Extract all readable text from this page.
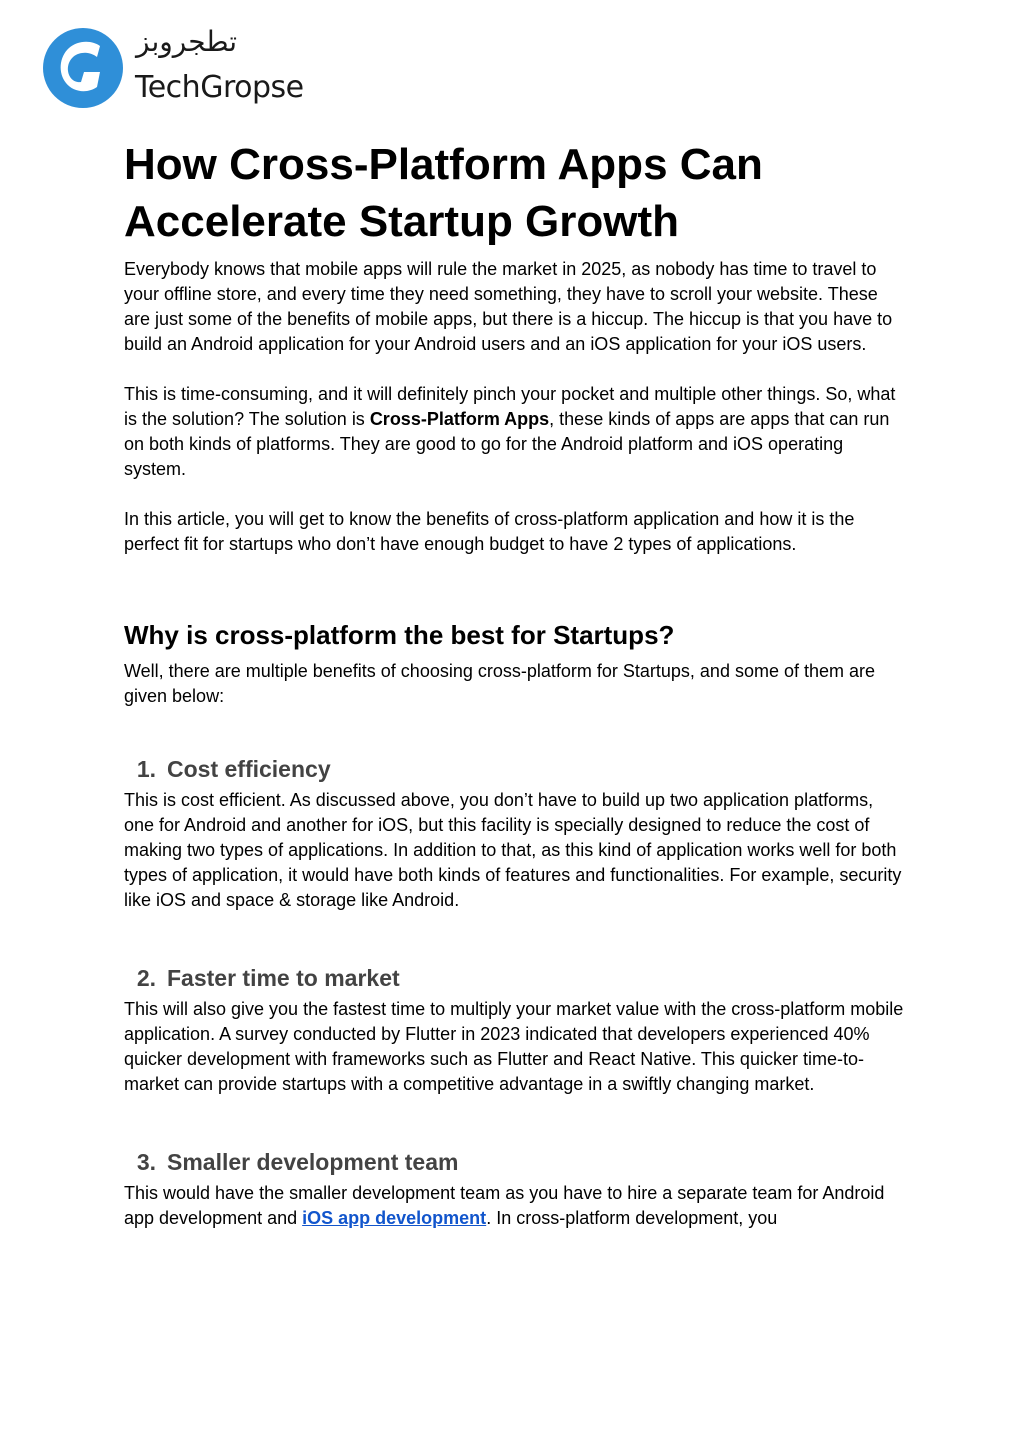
تطجروبز
TechGropse
How Cross-Platform Apps Can Accelerate Startup Growth

Everybody knows that mobile apps will rule the market in 2025, as nobody has time to travel to your offline store, and every time they need something, they have to scroll your website. These are just some of the benefits of mobile apps, but there is a hiccup. The hiccup is that you have to build an Android application for your Android users and an iOS application for your iOS users.

This is time-consuming, and it will definitely pinch your pocket and multiple other things. So, what is the solution? The solution is Cross-Platform Apps, these kinds of apps are apps that can run on both kinds of platforms. They are good to go for the Android platform and iOS operating system.

In this article, you will get to know the benefits of cross-platform application and how it is the perfect fit for startups who don’t have enough budget to have 2 types of applications.

Why is cross-platform the best for Startups?

Well, there are multiple benefits of choosing cross-platform for Startups, and some of them are given below:

1. Cost efficiency

This is cost efficient. As discussed above, you don’t have to build up two application platforms, one for Android and another for iOS, but this facility is specially designed to reduce the cost of making two types of applications. In addition to that, as this kind of application works well for both types of application, it would have both kinds of features and functionalities. For example, security like iOS and space & storage like Android.

2. Faster time to market

This will also give you the fastest time to multiply your market value with the cross-platform mobile application. A survey conducted by Flutter in 2023 indicated that developers experienced 40% quicker development with frameworks such as Flutter and React Native. This quicker time-to-market can provide startups with a competitive advantage in a swiftly changing market.

3. Smaller development team

This would have the smaller development team as you have to hire a separate team for Android app development and iOS app development. In cross-platform development, you
